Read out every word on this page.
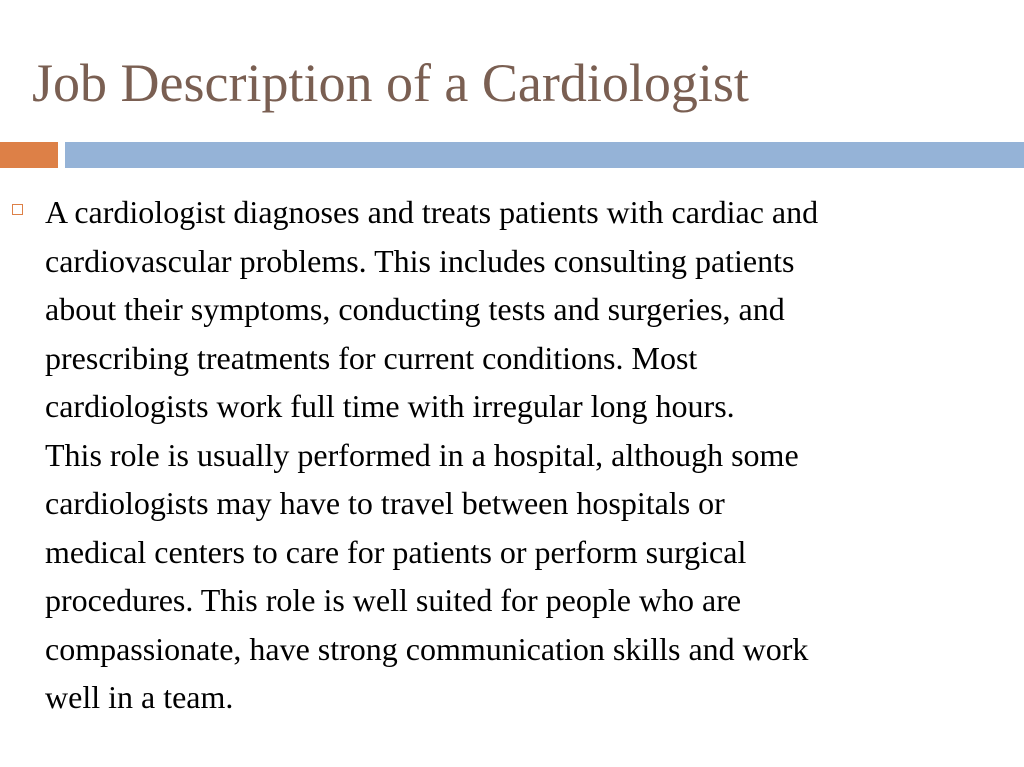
Job Description of a Cardiologist

A cardiologist diagnoses and treats patients with cardiac and
cardiovascular problems. This includes consulting patients
about their symptoms, conducting tests and surgeries, and
prescribing treatments for current conditions. Most
cardiologists work full time with irregular long hours.
This role is usually performed in a hospital, although some
cardiologists may have to travel between hospitals or
medical centers to care for patients or perform surgical
procedures. This role is well suited for people who are
compassionate, have strong communication skills and work
well in a team.
